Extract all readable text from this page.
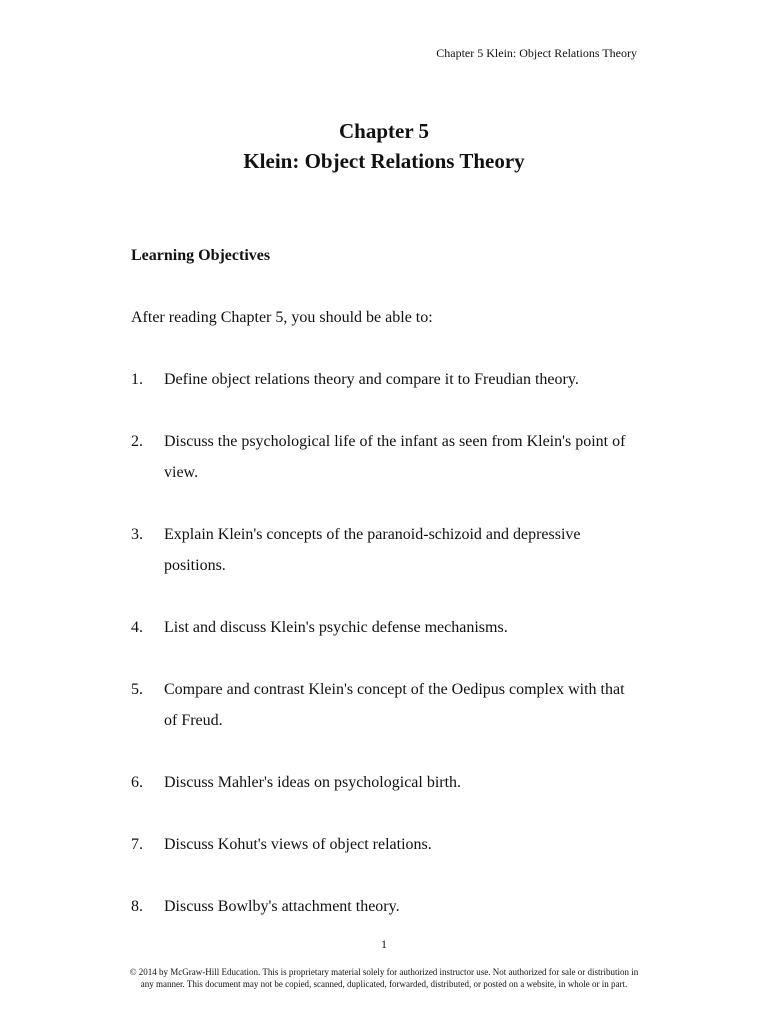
Chapter 5 Klein: Object Relations Theory
Chapter 5
Klein: Object Relations Theory
Learning Objectives
After reading Chapter 5, you should be able to:
1. Define object relations theory and compare it to Freudian theory.
2. Discuss the psychological life of the infant as seen from Klein's point of view.
3. Explain Klein's concepts of the paranoid-schizoid and depressive positions.
4. List and discuss Klein's psychic defense mechanisms.
5. Compare and contrast Klein's concept of the Oedipus complex with that of Freud.
6. Discuss Mahler's ideas on psychological birth.
7. Discuss Kohut's views of object relations.
8. Discuss Bowlby's attachment theory.
1
© 2014 by McGraw-Hill Education. This is proprietary material solely for authorized instructor use. Not authorized for sale or distribution in any manner. This document may not be copied, scanned, duplicated, forwarded, distributed, or posted on a website, in whole or in part.
